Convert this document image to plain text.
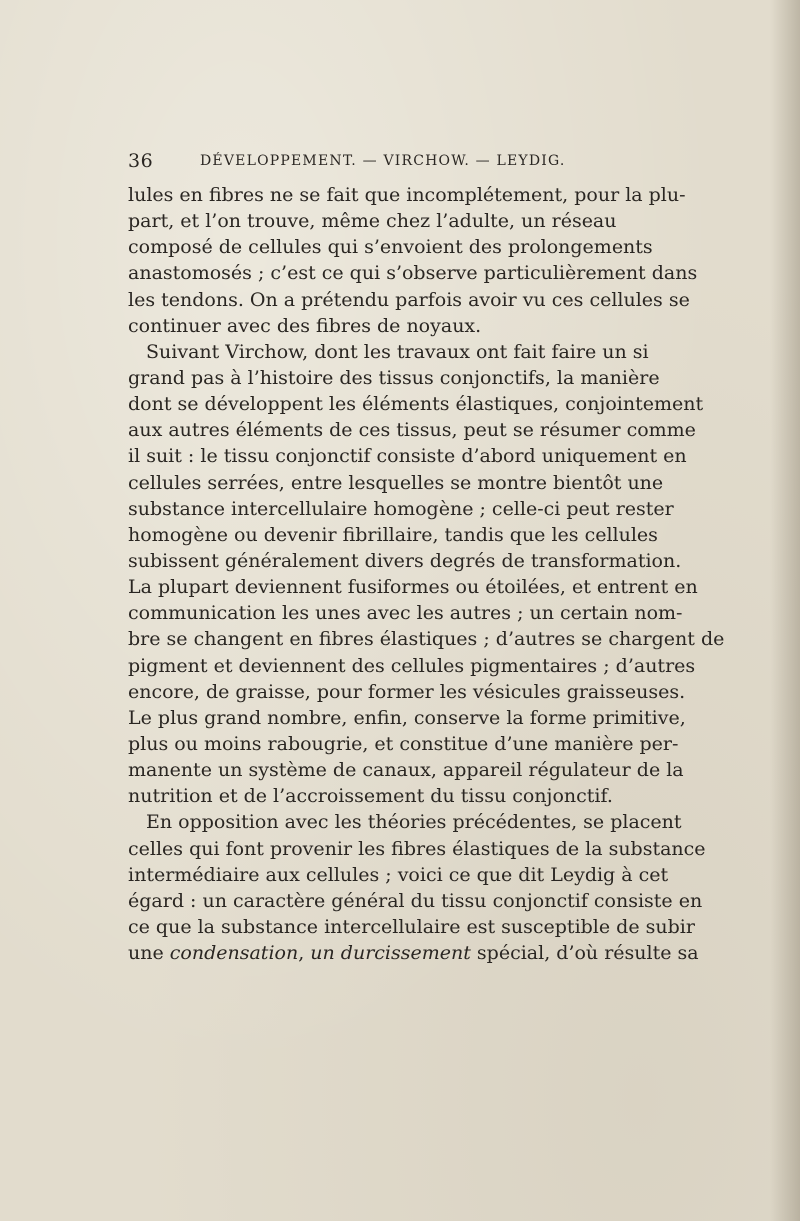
36	DÉVELOPPEMENT. — VIRCHOW. — LEYDIG.
lules en fibres ne se fait que incomplétement, pour la plu-
part, et l’on trouve, même chez l’adulte, un réseau
composé de cellules qui s’envoient des prolongements
anastomosés ; c’est ce qui s’observe particulièrement dans
les tendons. On a prétendu parfois avoir vu ces cellules se
continuer avec des fibres de noyaux.
Suivant Virchow, dont les travaux ont fait faire un si
grand pas à l’histoire des tissus conjonctifs, la manière
dont se développent les éléments élastiques, conjointement
aux autres éléments de ces tissus, peut se résumer comme
il suit : le tissu conjonctif consiste d’abord uniquement en
cellules serrées, entre lesquelles se montre bientôt une
substance intercellulaire homogène ; celle-ci peut rester
homogène ou devenir fibrillaire, tandis que les cellules
subissent généralement divers degrés de transformation.
La plupart deviennent fusiformes ou étoilées, et entrent en
communication les unes avec les autres ; un certain nom-
bre se changent en fibres élastiques ; d’autres se chargent de
pigment et deviennent des cellules pigmentaires ; d’autres
encore, de graisse, pour former les vésicules graisseuses.
Le plus grand nombre, enfin, conserve la forme primitive,
plus ou moins rabougrie, et constitue d’une manière per-
manente un système de canaux, appareil régulateur de la
nutrition et de l’accroissement du tissu conjonctif.
En opposition avec les théories précédentes, se placent
celles qui font provenir les fibres élastiques de la substance
intermédiaire aux cellules ; voici ce que dit Leydig à cet
égard : un caractère général du tissu conjonctif consiste en
ce que la substance intercellulaire est susceptible de subir
une condensation, un durcissement spécial, d’où résulte sa
